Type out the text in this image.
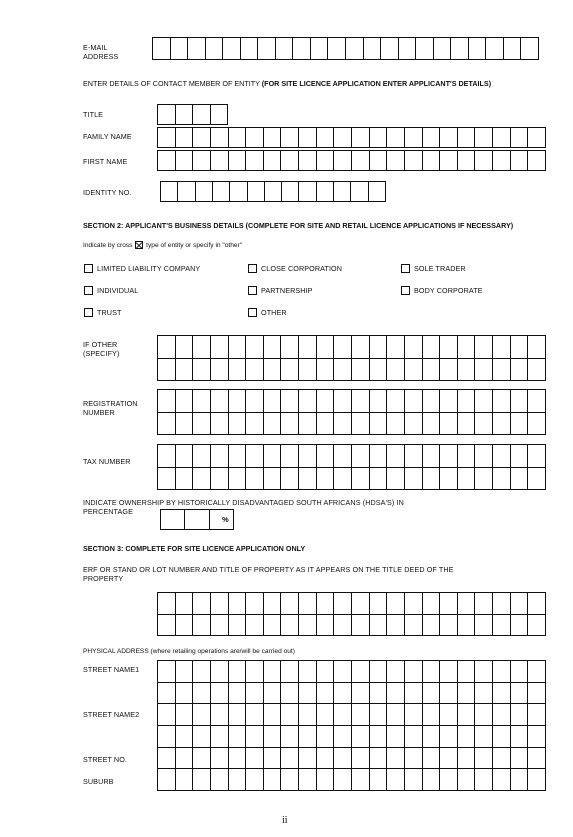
E-MAIL
ADDRESS
ENTER DETAILS OF CONTACT MEMBER OF ENTITY (FOR SITE LICENCE APPLICATION ENTER APPLICANT'S DETAILS)
TITLE
FAMILY NAME
FIRST NAME
IDENTITY NO.
SECTION 2: APPLICANT'S BUSINESS DETAILS (COMPLETE FOR SITE AND RETAIL LICENCE APPLICATIONS IF NECESSARY)
Indicate by cross ☒ type of entity or specify in "other"
LIMITED LIABILITY COMPANY	CLOSE CORPORATION	SOLE TRADER
INDIVIDUAL	PARTNERSHIP	BODY CORPORATE
TRUST	OTHER
IF OTHER
(SPECIFY)
REGISTRATION
NUMBER
TAX NUMBER
INDICATE OWNERSHIP BY HISTORICALLY DISADVANTAGED SOUTH AFRICANS (HDSA'S) IN
PERCENTAGE
%
SECTION 3: COMPLETE FOR SITE LICENCE APPLICATION ONLY
ERF OR STAND OR LOT NUMBER AND TITLE OF PROPERTY AS IT APPEARS ON THE TITLE DEED OF THE
PROPERTY
PHYSICAL ADDRESS (where retailing operations are/will be carried out)
STREET NAME1
STREET NAME2
STREET NO.
SUBURB
ii
